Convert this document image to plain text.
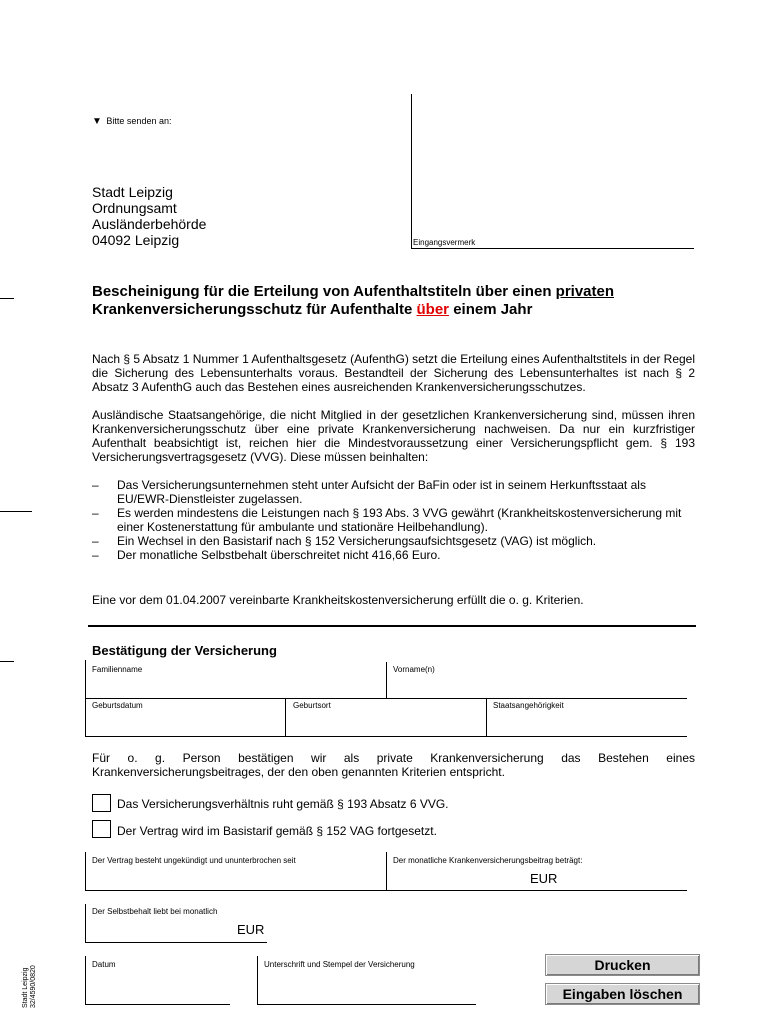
▼ Bitte senden an:
Stadt Leipzig
Ordnungsamt
Ausländerbehörde
04092 Leipzig	Eingangsvermerk
Bescheinigung für die Erteilung von Aufenthaltstiteln über einen privaten
Krankenversicherungsschutz für Aufenthalte über einem Jahr
Nach § 5 Absatz 1 Nummer 1 Aufenthaltsgesetz (AufenthG) setzt die Erteilung eines Aufenthaltstitels in der Regel die Sicherung des Lebensunterhalts voraus. Bestandteil der Sicherung des Lebensunterhaltes ist nach § 2 Absatz 3 AufenthG auch das Bestehen eines ausreichenden Krankenversicherungsschutzes.
Ausländische Staatsangehörige, die nicht Mitglied in der gesetzlichen Krankenversicherung sind, müssen ihren Krankenversicherungsschutz über eine private Krankenversicherung nachweisen. Da nur ein kurzfristiger Aufenthalt beabsichtigt ist, reichen hier die Mindestvoraussetzung einer Versicherungspflicht gem. § 193 Versicherungsvertragsgesetz (VVG). Diese müssen beinhalten:
– Das Versicherungsunternehmen steht unter Aufsicht der BaFin oder ist in seinem Herkunftsstaat als EU/EWR-Dienstleister zugelassen.
– Es werden mindestens die Leistungen nach § 193 Abs. 3 VVG gewährt (Krankheitskostenversicherung mit einer Kostenerstattung für ambulante und stationäre Heilbehandlung).
– Ein Wechsel in den Basistarif nach § 152 Versicherungsaufsichtsgesetz (VAG) ist möglich.
– Der monatliche Selbstbehalt überschreitet nicht 416,66 Euro.
Eine vor dem 01.04.2007 vereinbarte Krankheitskostenversicherung erfüllt die o. g. Kriterien.
Bestätigung der Versicherung
Familienname	Vorname(n)
Geburtsdatum	Geburtsort	Staatsangehörigkeit
Für o. g. Person bestätigen wir als private Krankenversicherung das Bestehen eines Krankenversicherungsbeitrages, der den oben genannten Kriterien entspricht.
Das Versicherungsverhältnis ruht gemäß § 193 Absatz 6 VVG.
Der Vertrag wird im Basistarif gemäß § 152 VAG fortgesetzt.
Der Vertrag besteht ungekündigt und ununterbrochen seit	Der monatliche Krankenversicherungsbeitrag beträgt:
EUR
Der Selbstbehalt liebt bei monatlich
EUR
Datum	Unterschrift und Stempel der Versicherung	Drucken
Eingaben löschen
Stadt Leipzig 32/4590/0820
